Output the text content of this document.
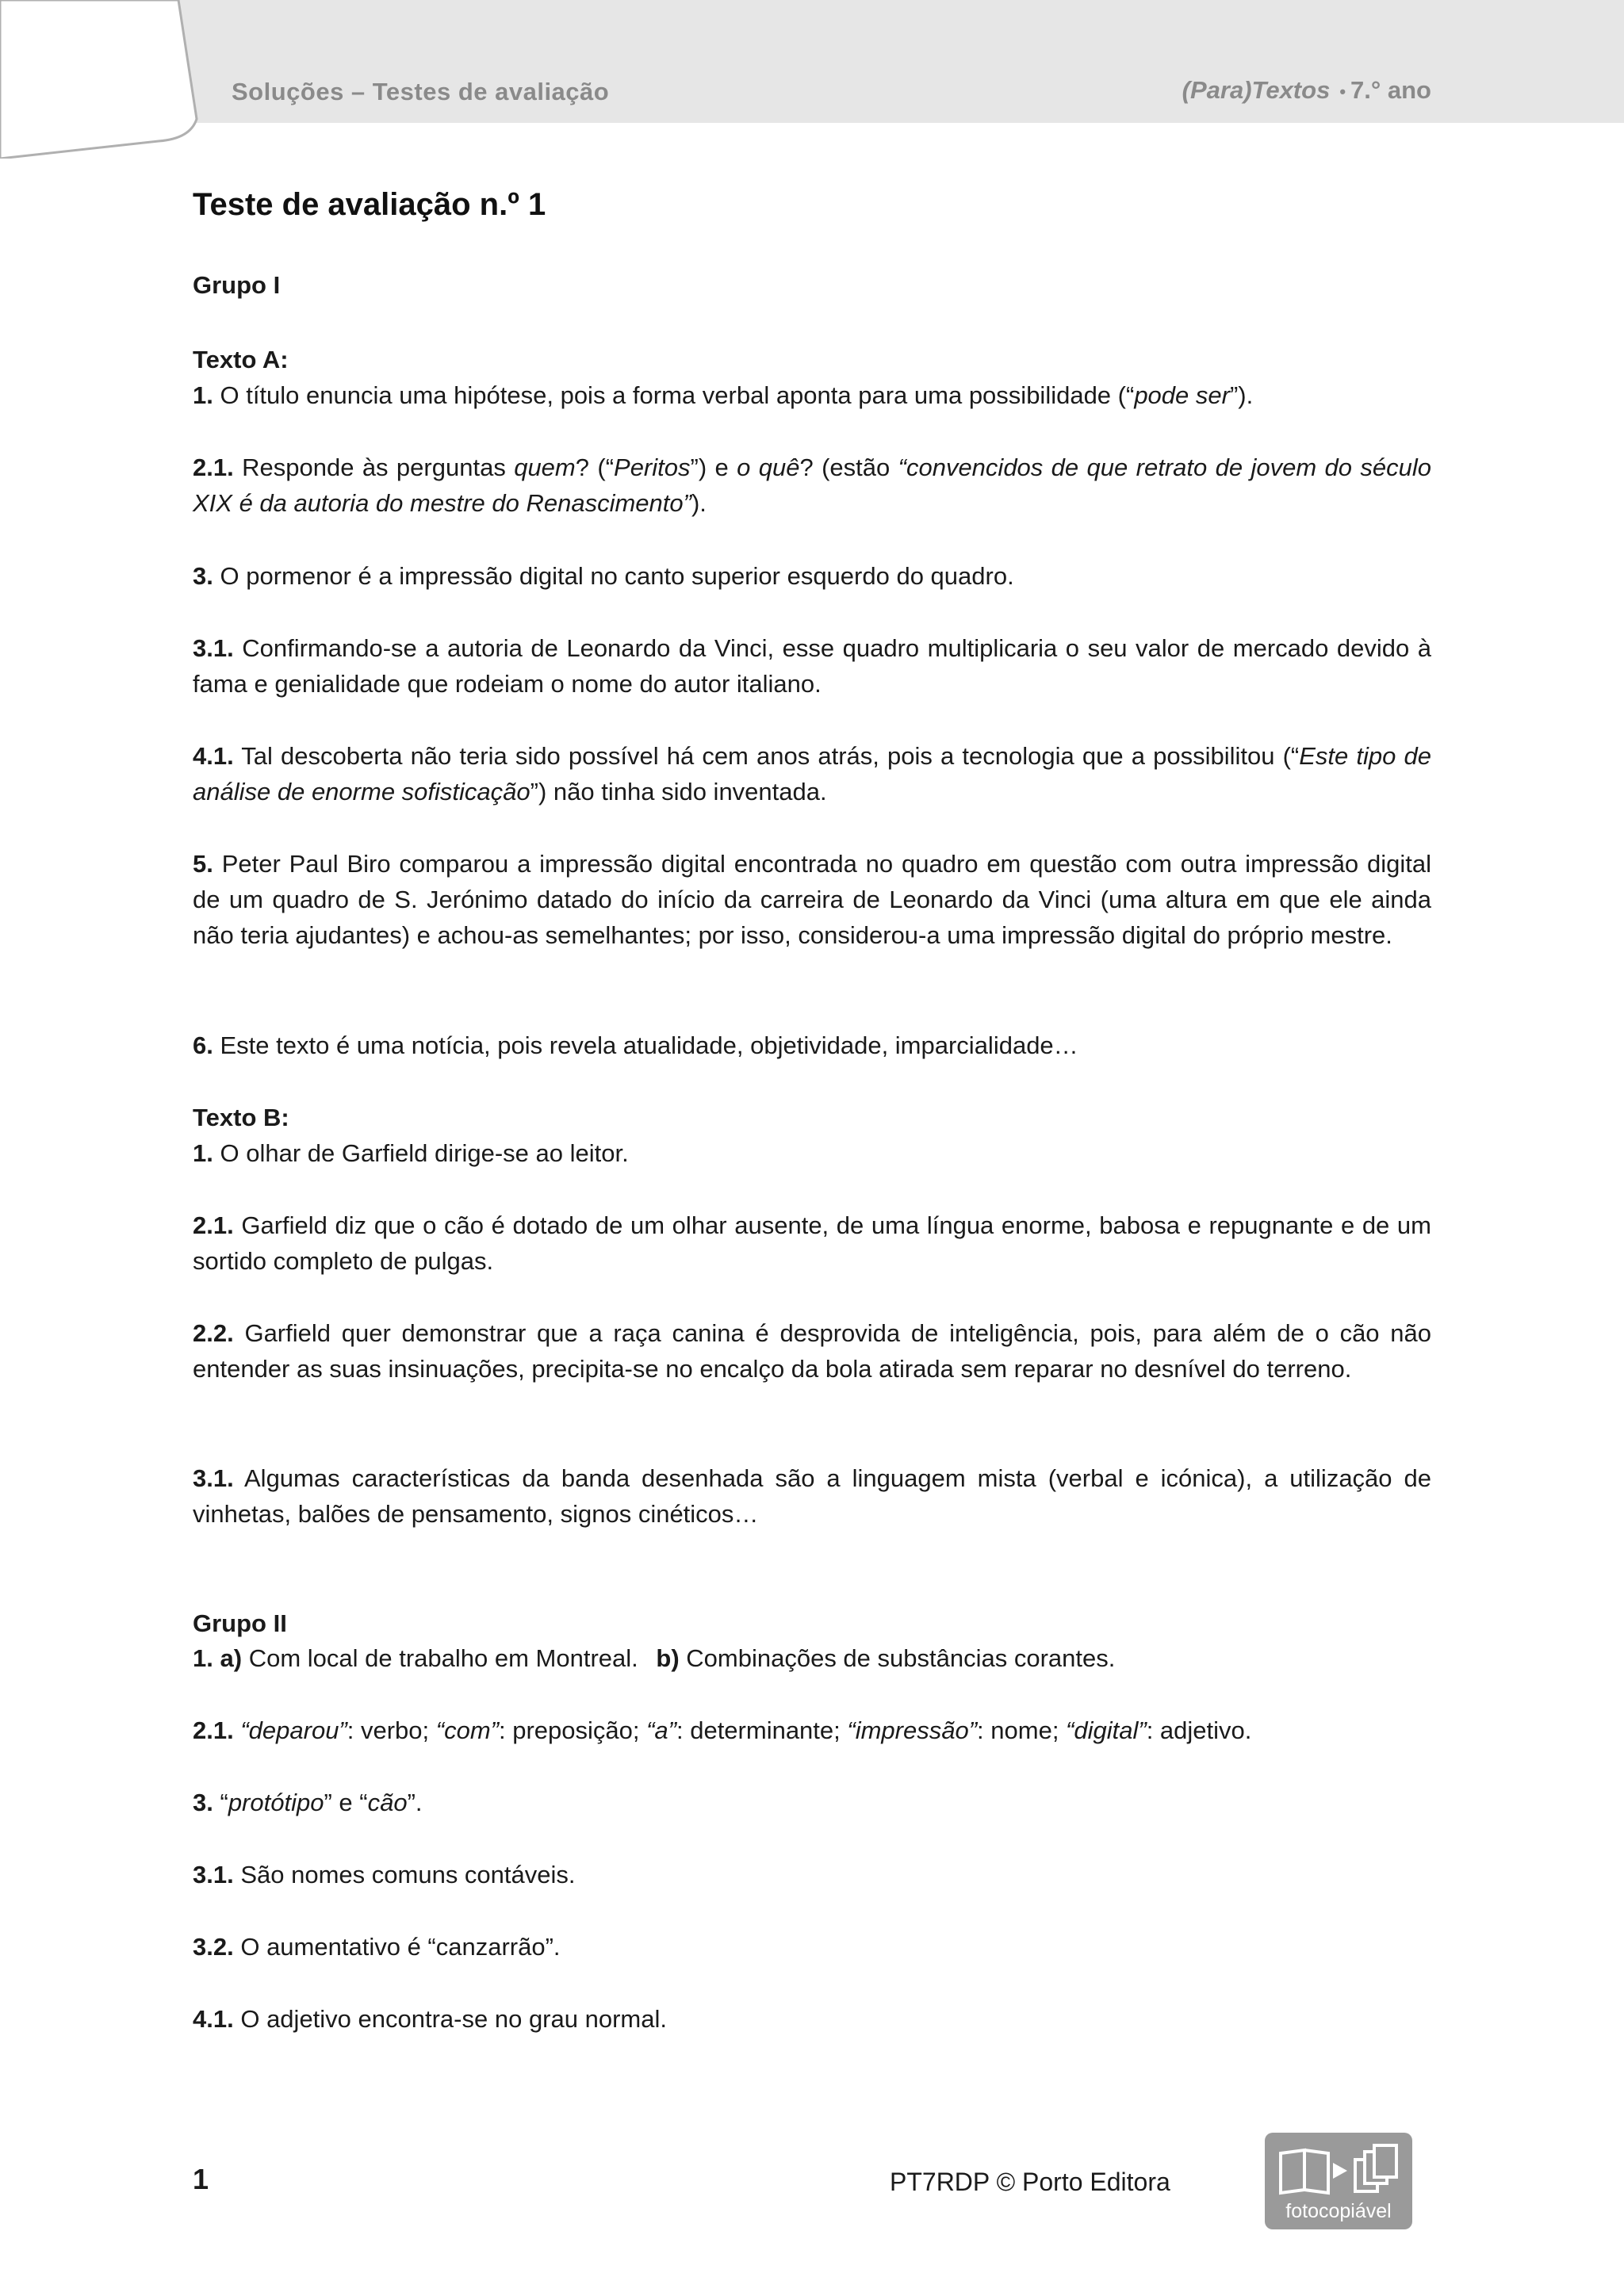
Soluções – Testes de avaliação	(Para)Textos • 7.° ano
Teste de avaliação n.º 1
Grupo I
Texto A:
1. O título enuncia uma hipótese, pois a forma verbal aponta para uma possibilidade (“pode ser”).
2.1. Responde às perguntas quem? (“Peritos”) e o quê? (estão “convencidos de que retrato de jovem do século XIX é da autoria do mestre do Renascimento”).
3. O pormenor é a impressão digital no canto superior esquerdo do quadro.
3.1. Confirmando-se a autoria de Leonardo da Vinci, esse quadro multiplicaria o seu valor de mercado devido à fama e genialidade que rodeiam o nome do autor italiano.
4.1. Tal descoberta não teria sido possível há cem anos atrás, pois a tecnologia que a possibilitou (“Este tipo de análise de enorme sofisticação”) não tinha sido inventada.
5. Peter Paul Biro comparou a impressão digital encontrada no quadro em questão com outra impressão digital de um quadro de S. Jerónimo datado do início da carreira de Leonardo da Vinci (uma altura em que ele ainda não teria ajudantes) e achou-as semelhantes; por isso, considerou-a uma impressão digital do próprio mestre.
6. Este texto é uma notícia, pois revela atualidade, objetividade, imparcialidade…
Texto B:
1. O olhar de Garfield dirige-se ao leitor.
2.1. Garfield diz que o cão é dotado de um olhar ausente, de uma língua enorme, babosa e repugnante e de um sortido completo de pulgas.
2.2. Garfield quer demonstrar que a raça canina é desprovida de inteligência, pois, para além de o cão não entender as suas insinuações, precipita-se no encalço da bola atirada sem reparar no desnível do terreno.
3.1. Algumas características da banda desenhada são a linguagem mista (verbal e icónica), a utilização de vinhetas, balões de pensamento, signos cinéticos…
Grupo II
1. a) Com local de trabalho em Montreal. b) Combinações de substâncias corantes.
2.1. “deparou”: verbo; “com”: preposição; “a”: determinante; “impressão”: nome; “digital”: adjetivo.
3. “protótipo” e “cão”.
3.1. São nomes comuns contáveis.
3.2. O aumentativo é “canzarrão”.
4.1. O adjetivo encontra-se no grau normal.
1	PT7RDP © Porto Editora
fotocopiável
